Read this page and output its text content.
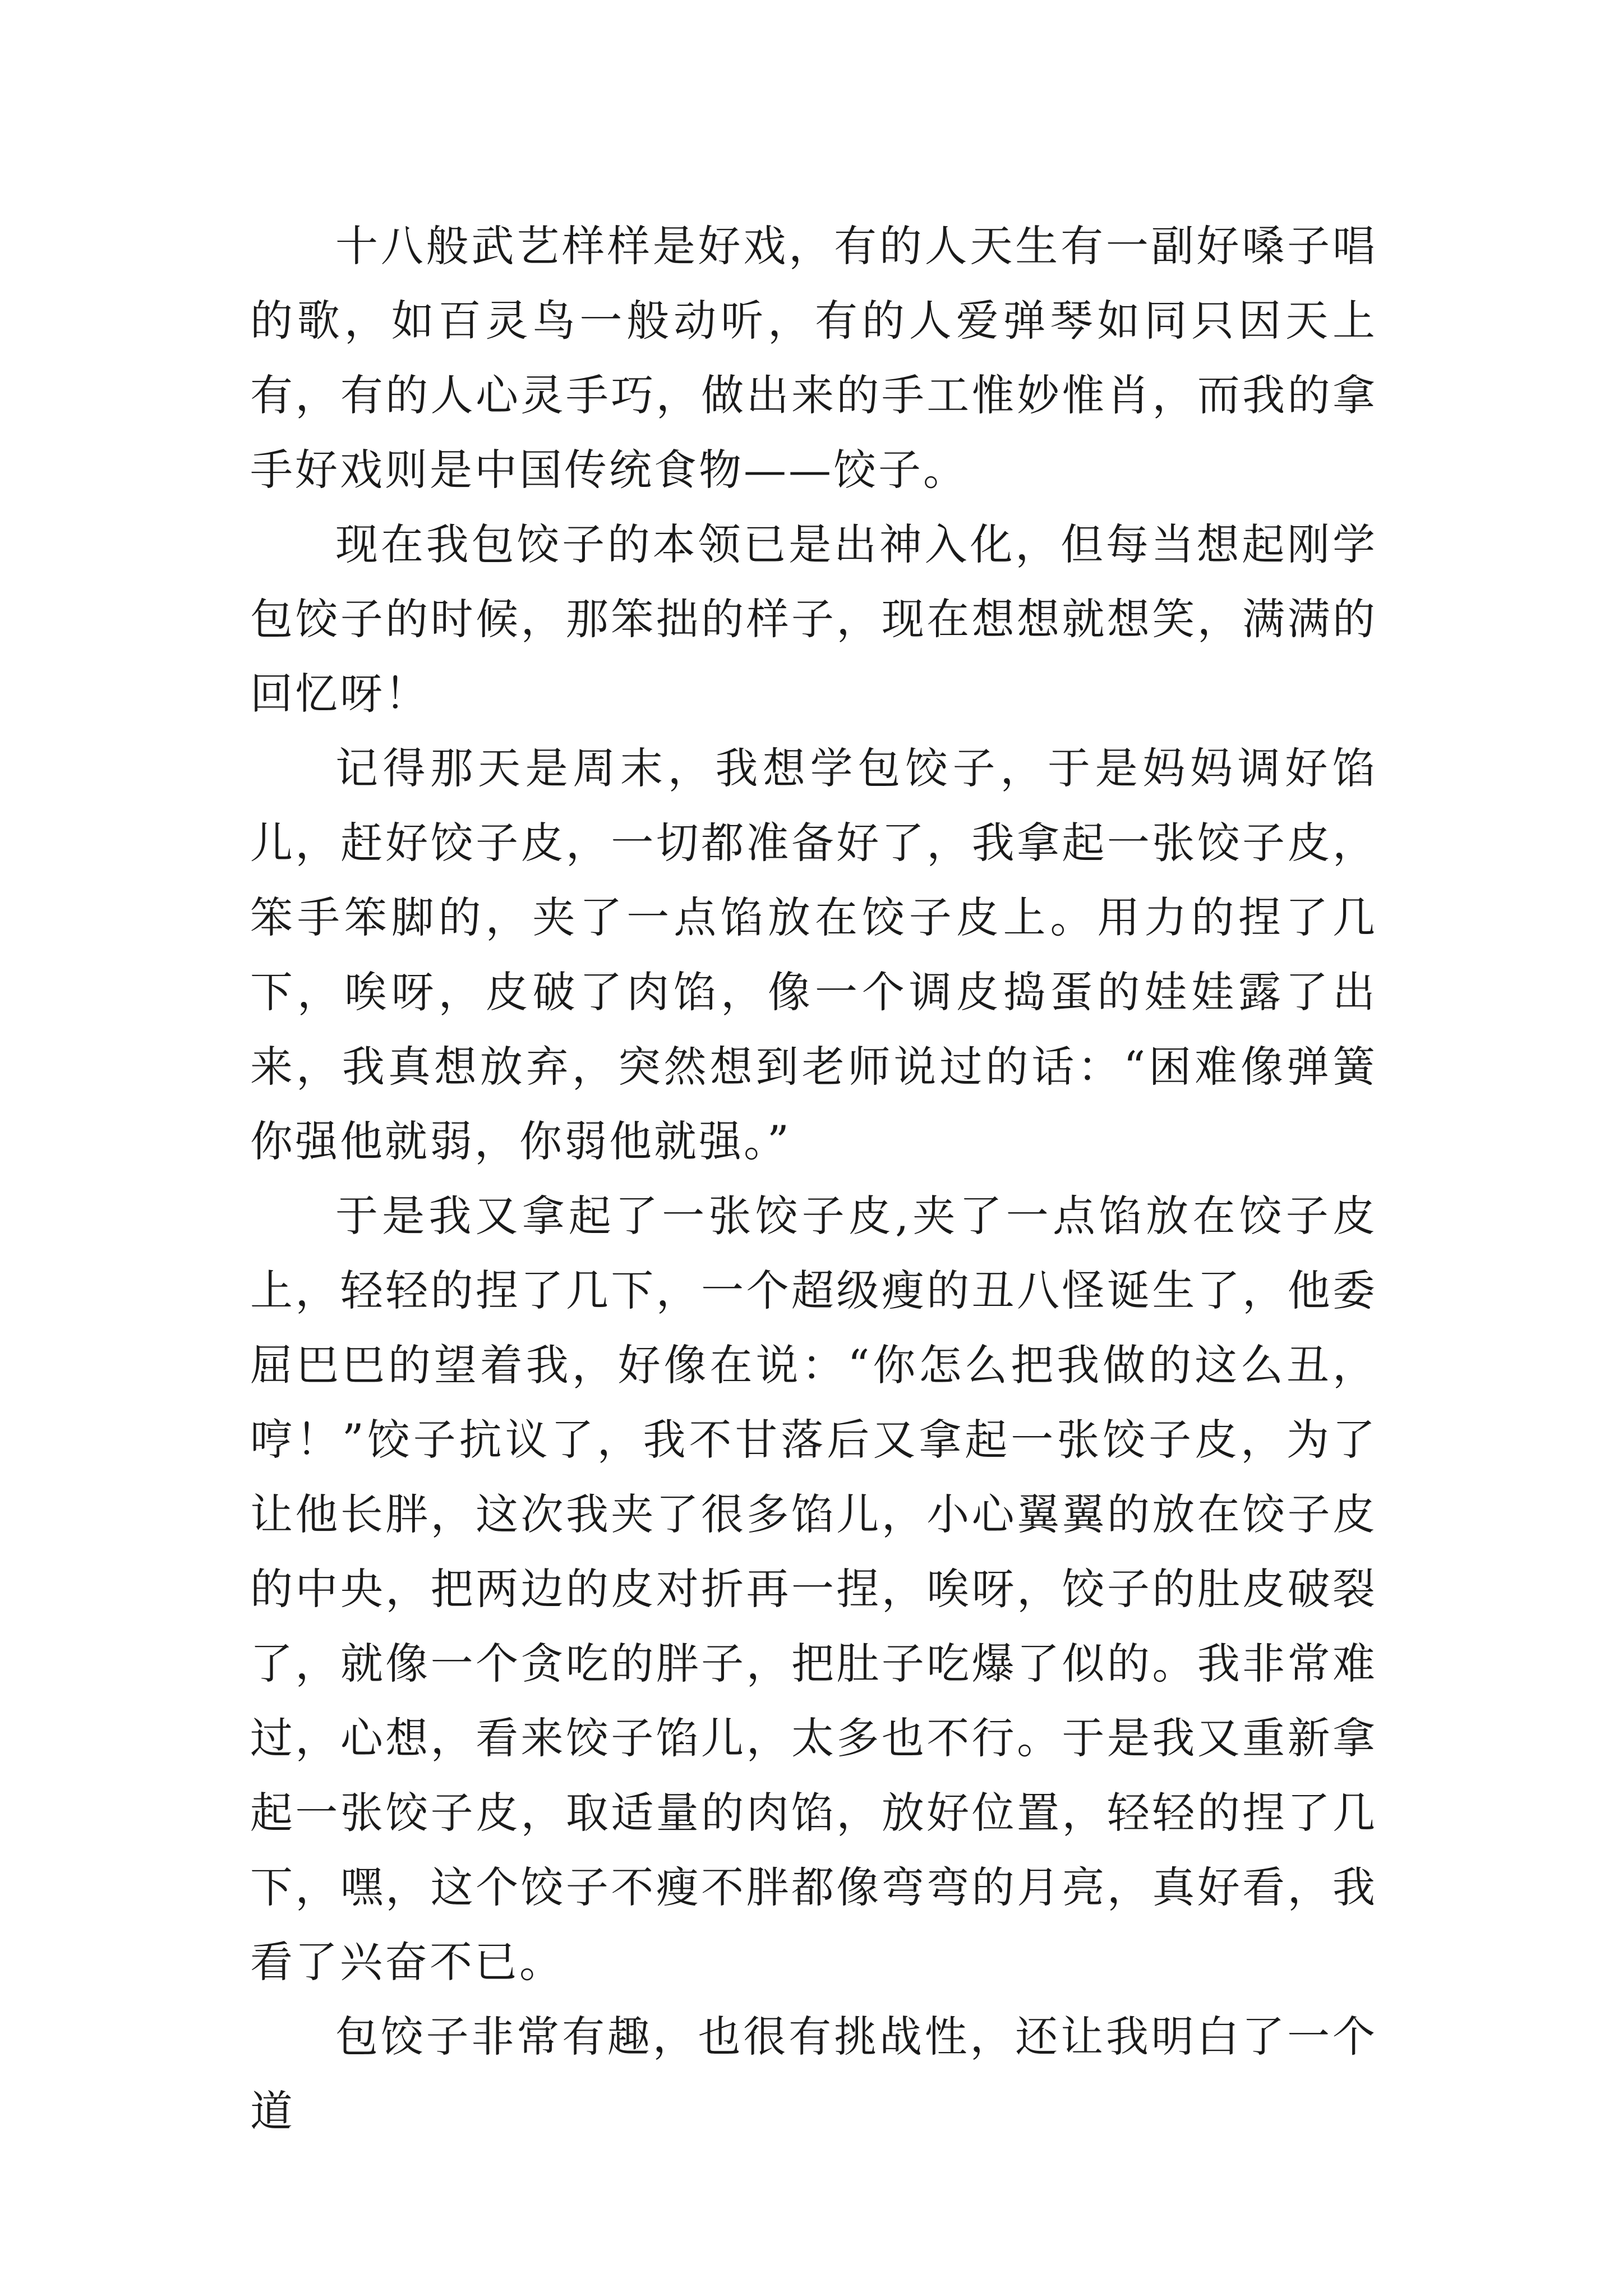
十八般武艺样样是好戏，有的人天生有一副好嗓子唱的歌，如百灵鸟一般动听，有的人爱弹琴如同只因天上有，有的人心灵手巧，做出来的手工惟妙惟肖，而我的拿手好戏则是中国传统食物——饺子。

现在我包饺子的本领已是出神入化，但每当想起刚学包饺子的时候，那笨拙的样子，现在想想就想笑，满满的回忆呀！

记得那天是周末，我想学包饺子，于是妈妈调好馅儿，赶好饺子皮，一切都准备好了，我拿起一张饺子皮，笨手笨脚的，夹了一点馅放在饺子皮上。用力的捏了几下，唉呀，皮破了肉馅，像一个调皮捣蛋的娃娃露了出来，我真想放弃，突然想到老师说过的话：“困难像弹簧你强他就弱，你弱他就强。”

于是我又拿起了一张饺子皮,夹了一点馅放在饺子皮上，轻轻的捏了几下，一个超级瘦的丑八怪诞生了，他委屈巴巴的望着我，好像在说：“你怎么把我做的这么丑，哼！”饺子抗议了，我不甘落后又拿起一张饺子皮，为了让他长胖，这次我夹了很多馅儿，小心翼翼的放在饺子皮的中央，把两边的皮对折再一捏，唉呀，饺子的肚皮破裂了，就像一个贪吃的胖子，把肚子吃爆了似的。我非常难过，心想，看来饺子馅儿，太多也不行。于是我又重新拿起一张饺子皮，取适量的肉馅，放好位置，轻轻的捏了几下，嘿，这个饺子不瘦不胖都像弯弯的月亮，真好看，我看了兴奋不已。

包饺子非常有趣，也很有挑战性，还让我明白了一个道
